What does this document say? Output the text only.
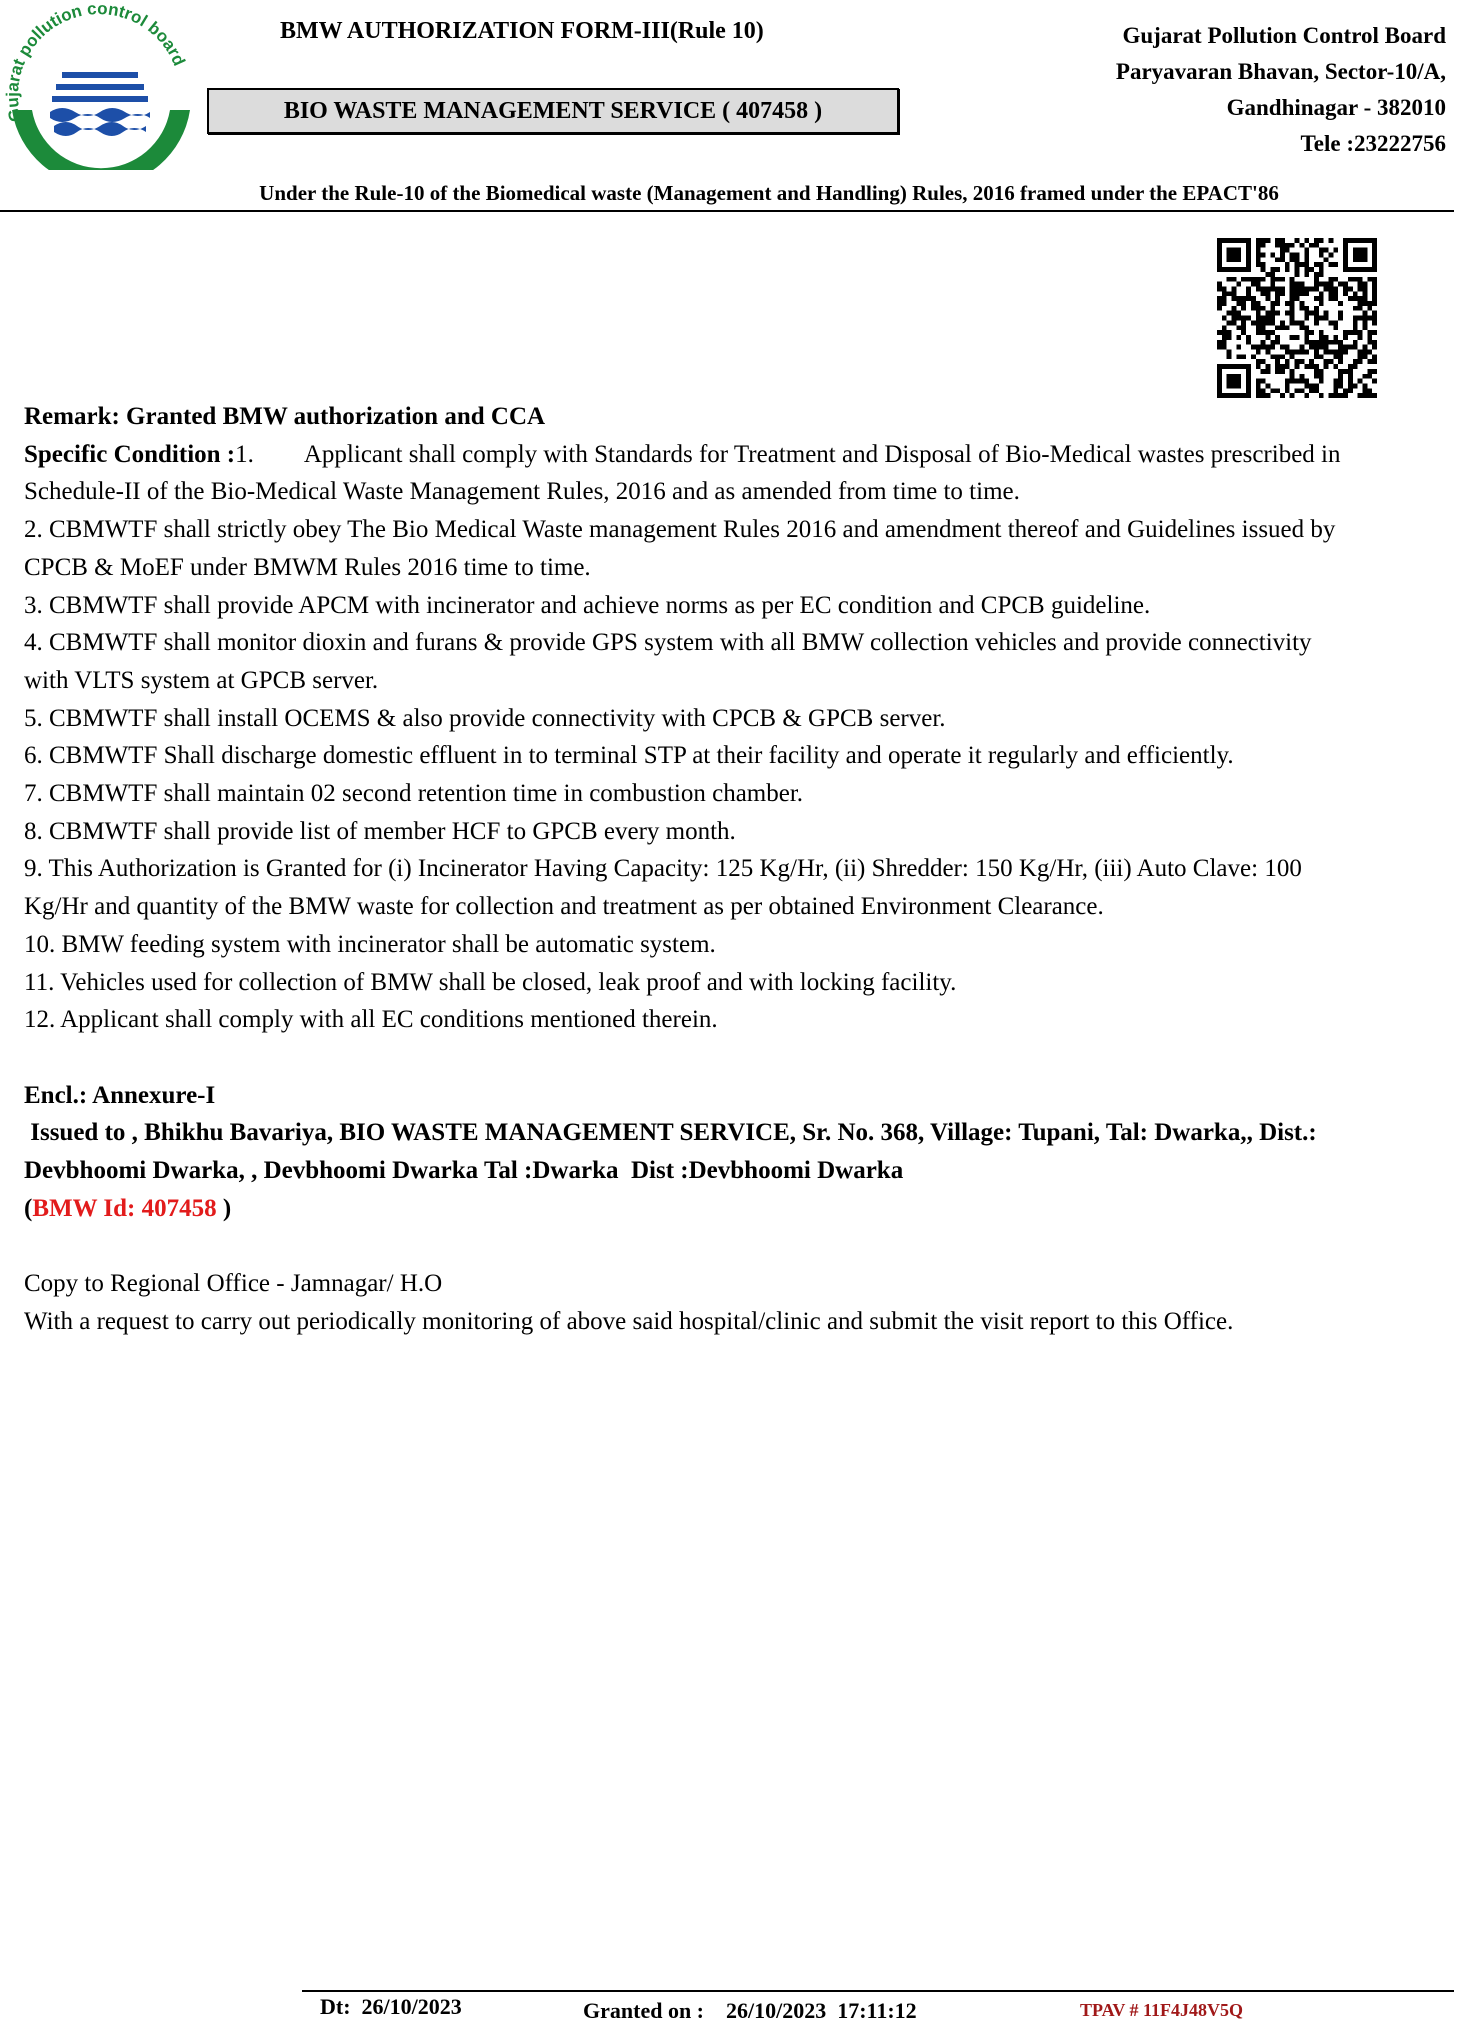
Gujarat pollution control board
BMW AUTHORIZATION FORM-III(Rule 10)
BIO WASTE MANAGEMENT SERVICE ( 407458 )
Gujarat Pollution Control Board
Paryavaran Bhavan, Sector-10/A,
Gandhinagar - 382010
Tele :23222756
Under the Rule-10 of the Biomedical waste (Management and Handling) Rules, 2016 framed under the EPACT'86

Remark: Granted BMW authorization and CCA

Specific Condition :1. Applicant shall comply with Standards for Treatment and Disposal of Bio-Medical wastes prescribed in Schedule-II of the Bio-Medical Waste Management Rules, 2016 and as amended from time to time.

2. CBMWTF shall strictly obey The Bio Medical Waste management Rules 2016 and amendment thereof and Guidelines issued by CPCB & MoEF under BMWM Rules 2016 time to time.

3. CBMWTF shall provide APCM with incinerator and achieve norms as per EC condition and CPCB guideline.

4. CBMWTF shall monitor dioxin and furans & provide GPS system with all BMW collection vehicles and provide connectivity with VLTS system at GPCB server.

5. CBMWTF shall install OCEMS & also provide connectivity with CPCB & GPCB server.

6. CBMWTF Shall discharge domestic effluent in to terminal STP at their facility and operate it regularly and efficiently.

7. CBMWTF shall maintain 02 second retention time in combustion chamber.

8. CBMWTF shall provide list of member HCF to GPCB every month.

9. This Authorization is Granted for (i) Incinerator Having Capacity: 125 Kg/Hr, (ii) Shredder: 150 Kg/Hr, (iii) Auto Clave: 100 Kg/Hr and quantity of the BMW waste for collection and treatment as per obtained Environment Clearance.

10. BMW feeding system with incinerator shall be automatic system.

11. Vehicles used for collection of BMW shall be closed, leak proof and with locking facility.

12. Applicant shall comply with all EC conditions mentioned therein.

Encl.: Annexure-I

Issued to , Bhikhu Bavariya, BIO WASTE MANAGEMENT SERVICE, Sr. No. 368, Village: Tupani, Tal: Dwarka,, Dist.: Devbhoomi Dwarka, , Devbhoomi Dwarka Tal :Dwarka  Dist :Devbhoomi Dwarka

(BMW Id: 407458 )

Copy to Regional Office - Jamnagar/ H.O

With a request to carry out periodically monitoring of above said hospital/clinic and submit the visit report to this Office.

Dt:  26/10/2023	Granted on :    26/10/2023  17:11:12	TPAV # 11F4J48V5Q
